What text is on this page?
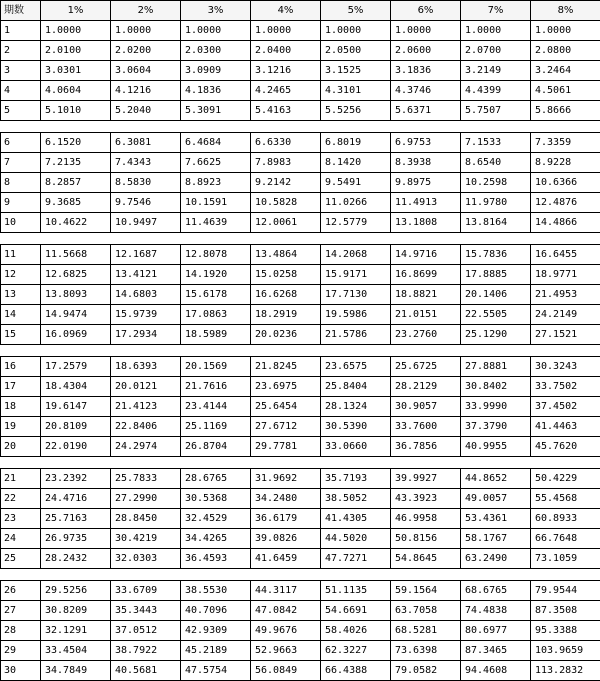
期数	1%	2%	3%	4%	5%	6%	7%	8%
1	1.0000	1.0000	1.0000	1.0000	1.0000	1.0000	1.0000	1.0000
2	2.0100	2.0200	2.0300	2.0400	2.0500	2.0600	2.0700	2.0800
3	3.0301	3.0604	3.0909	3.1216	3.1525	3.1836	3.2149	3.2464
4	4.0604	4.1216	4.1836	4.2465	4.3101	4.3746	4.4399	4.5061
5	5.1010	5.2040	5.3091	5.4163	5.5256	5.6371	5.7507	5.8666

6	6.1520	6.3081	6.4684	6.6330	6.8019	6.9753	7.1533	7.3359
7	7.2135	7.4343	7.6625	7.8983	8.1420	8.3938	8.6540	8.9228
8	8.2857	8.5830	8.8923	9.2142	9.5491	9.8975	10.2598	10.6366
9	9.3685	9.7546	10.1591	10.5828	11.0266	11.4913	11.9780	12.4876
10	10.4622	10.9497	11.4639	12.0061	12.5779	13.1808	13.8164	14.4866

11	11.5668	12.1687	12.8078	13.4864	14.2068	14.9716	15.7836	16.6455
12	12.6825	13.4121	14.1920	15.0258	15.9171	16.8699	17.8885	18.9771
13	13.8093	14.6803	15.6178	16.6268	17.7130	18.8821	20.1406	21.4953
14	14.9474	15.9739	17.0863	18.2919	19.5986	21.0151	22.5505	24.2149
15	16.0969	17.2934	18.5989	20.0236	21.5786	23.2760	25.1290	27.1521

16	17.2579	18.6393	20.1569	21.8245	23.6575	25.6725	27.8881	30.3243
17	18.4304	20.0121	21.7616	23.6975	25.8404	28.2129	30.8402	33.7502
18	19.6147	21.4123	23.4144	25.6454	28.1324	30.9057	33.9990	37.4502
19	20.8109	22.8406	25.1169	27.6712	30.5390	33.7600	37.3790	41.4463
20	22.0190	24.2974	26.8704	29.7781	33.0660	36.7856	40.9955	45.7620

21	23.2392	25.7833	28.6765	31.9692	35.7193	39.9927	44.8652	50.4229
22	24.4716	27.2990	30.5368	34.2480	38.5052	43.3923	49.0057	55.4568
23	25.7163	28.8450	32.4529	36.6179	41.4305	46.9958	53.4361	60.8933
24	26.9735	30.4219	34.4265	39.0826	44.5020	50.8156	58.1767	66.7648
25	28.2432	32.0303	36.4593	41.6459	47.7271	54.8645	63.2490	73.1059

26	29.5256	33.6709	38.5530	44.3117	51.1135	59.1564	68.6765	79.9544
27	30.8209	35.3443	40.7096	47.0842	54.6691	63.7058	74.4838	87.3508
28	32.1291	37.0512	42.9309	49.9676	58.4026	68.5281	80.6977	95.3388
29	33.4504	38.7922	45.2189	52.9663	62.3227	73.6398	87.3465	103.9659
30	34.7849	40.5681	47.5754	56.0849	66.4388	79.0582	94.4608	113.2832
